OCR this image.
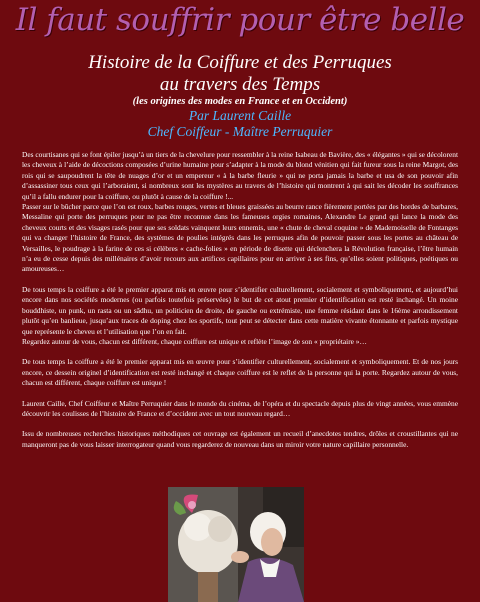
Il faut souffrir pour être belle
Histoire de la Coiffure et des Perruques
au travers des Temps
(les origines des modes en France et en Occident)
Par Laurent Caille
Chef Coiffeur - Maître Perruquier

Des courtisanes qui se font épiler jusqu’à un tiers de la chevelure pour ressembler à la reine Isabeau de Bavière, des « élégantes » qui se décolorent les cheveux à l’aide de décoctions composées d’urine humaine pour s’adapter à la mode du blond vénitien qui fait fureur sous la reine Margot, des rois qui se saupoudrent la tête de nuages d’or et un empereur « à la barbe fleurie » qui ne porta jamais la barbe et usa de son pouvoir afin d’assassiner tous ceux qui l’arboraient, si nombreux sont les mystères au travers de l’histoire qui montrent à qui sait les décoder les souffrances qu’il a fallu endurer pour la coiffure, ou plutôt à cause de la coiffure !...
Passer sur le bûcher parce que l’on est roux, barbes rouges, vertes et bleues graissées au beurre rance fièrement portées par des hordes de barbares, Messaline qui porte des perruques pour ne pas être reconnue dans les fameuses orgies romaines, Alexandre Le grand qui lance la mode des cheveux courts et des visages rasés pour que ses soldats vainquent leurs ennemis, une « chute de cheval coquine » de Mademoiselle de Fontanges qui va changer l’histoire de France, des systèmes de poulies intégrés dans les perruques afin de pouvoir passer sous les portes au château de Versailles, le poudrage à la farine de ces si célèbres « cache-folies » en période de disette qui déclenchera la Révolution française, l’être humain n’a eu de cesse depuis des millénaires d’avoir recours aux artifices capillaires pour en arriver à ses fins, qu’elles soient politiques, poétiques ou amoureuses…

De tous temps la coiffure a été le premier apparat mis en œuvre pour s’identifier culturellement, socialement et symboliquement, et aujourd’hui encore dans nos sociétés modernes (ou parfois toutefois préservées) le but de cet atout premier d’identification est resté inchangé. Un moine bouddhiste, un punk, un rasta ou un sâdhu, un politicien de droite, de gauche ou extrémiste, une femme résidant dans le 16ème arrondissement plutôt qu’en banlieue, jusqu’aux traces de doping chez les sportifs, tout peut se détecter dans cette matière vivante étonnante et parfois mystique que représente le cheveu et l’utilisation que l’on en fait.
Regardez autour de vous, chacun est différent, chaque coiffure est unique et reflète l’image de son « propriétaire »…

De tous temps la coiffure a été le premier apparat mis en œuvre pour s’identifier culturellement, socialement et symboliquement. Et de nos jours encore, ce dessein originel d’identification est resté inchangé et chaque coiffure est le reflet de la personne qui la porte. Regardez autour de vous, chacun est différent, chaque coiffure est unique !

Laurent Caille, Chef Coiffeur et Maître Perruquier dans le monde du cinéma, de l’opéra et du spectacle depuis plus de vingt années, vous emmène découvrir les coulisses de l’histoire de France et d’occident avec un tout nouveau regard…

Issu de nombreuses recherches historiques méthodiques cet ouvrage est également un recueil d’anecdotes tendres, drôles et croustillantes qui ne manqueront pas de vous laisser interrogateur quand vous regarderez de nouveau dans un miroir votre nature capillaire personnelle.
